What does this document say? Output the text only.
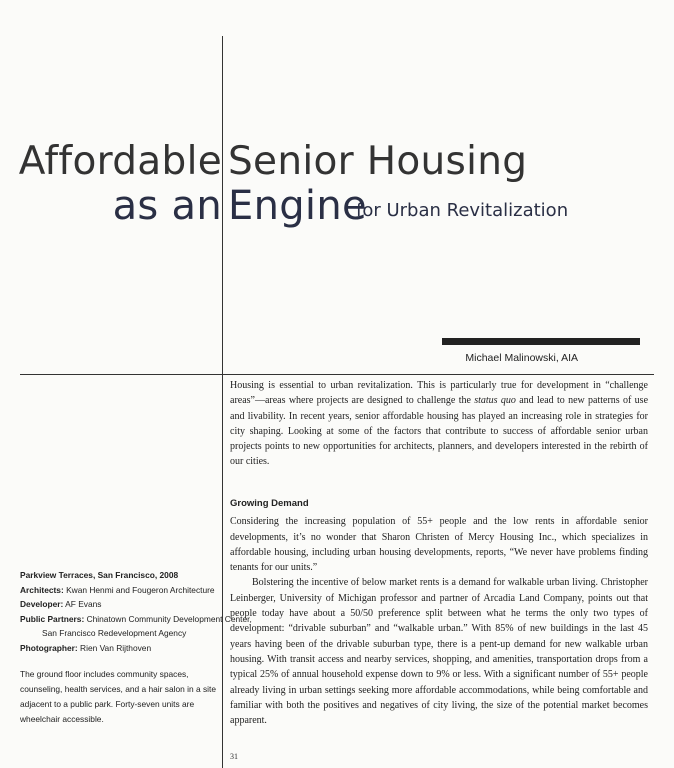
Affordable Senior Housing
as an Engine
for Urban Revitalization
Michael Malinowski, AIA

Housing is essential to urban revitalization. This is particularly true for development in “challenge areas”—areas where projects are designed to challenge the status quo and lead to new patterns of use and livability. In recent years, senior affordable housing has played an increasing role in strategies for city shaping. Looking at some of the factors that contribute to success of affordable senior urban projects points to new opportunities for architects, planners, and developers interested in the rebirth of our cities.

Growing Demand

Considering the increasing population of 55+ people and the low rents in affordable senior developments, it’s no wonder that Sharon Christen of Mercy Housing Inc., which specializes in affordable housing, including urban housing developments, reports, “We never have problems finding tenants for our units.”

Bolstering the incentive of below market rents is a demand for walkable urban living. Christopher Leinberger, University of Michigan professor and partner of Arcadia Land Company, points out that people today have about a 50/50 preference split between what he terms the only two types of development: “drivable suburban” and “walkable urban.” With 85% of new buildings in the last 45 years having been of the drivable suburban type, there is a pent-up demand for new walkable urban housing. With transit access and nearby services, shopping, and amenities, transportation drops from a typical 25% of annual household expense down to 9% or less. With a significant number of 55+ people already living in urban settings seeking more affordable accommodations, while being comfortable and familiar with both the positives and negatives of city living, the size of the potential market becomes apparent.

Parkview Terraces, San Francisco, 2008
Architects: Kwan Henmi and Fougeron Architecture
Developer: AF Evans
Public Partners: Chinatown Community Development Center,
San Francisco Redevelopment Agency
Photographer: Rien Van Rijthoven
The ground floor includes community spaces, counseling, health services, and a hair salon in a site adjacent to a public park. Forty-seven units are wheelchair accessible.
31
